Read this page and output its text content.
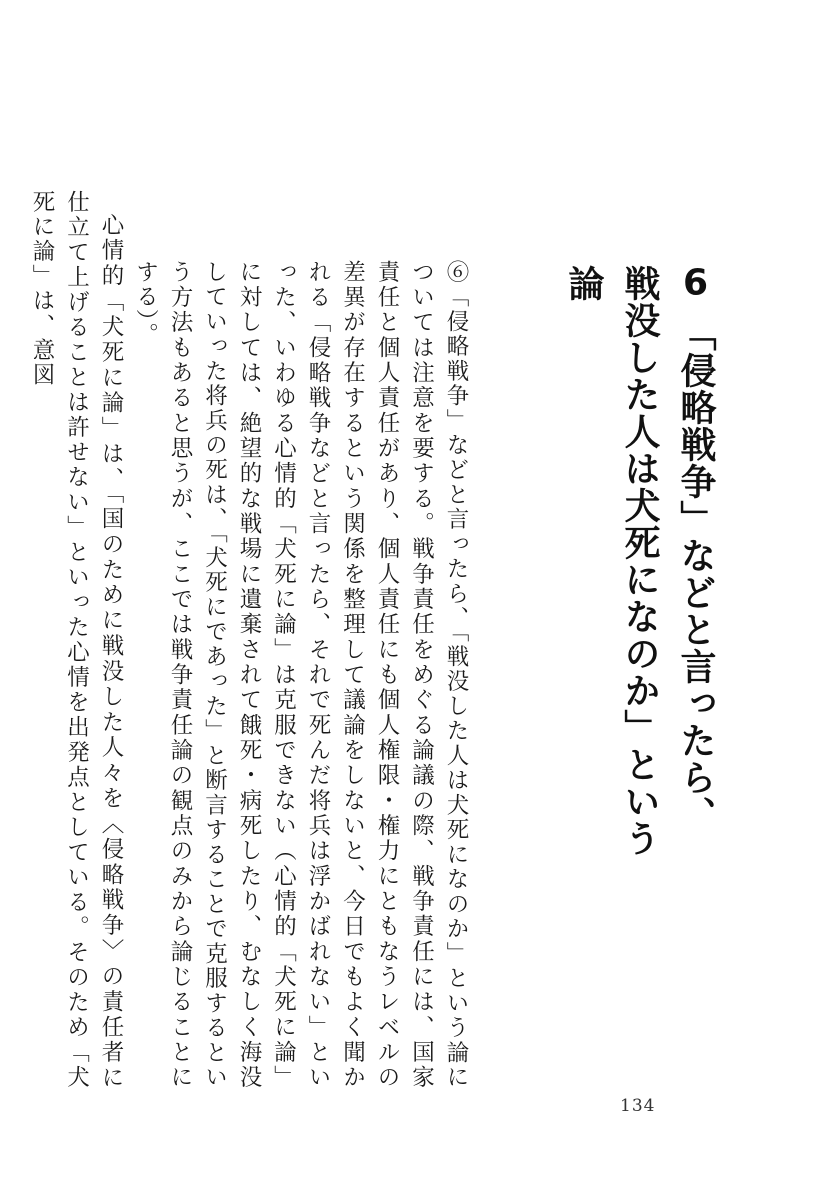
6「侵略戦争」などと言ったら、
戦没した人は犬死になのか」という論

⑥「侵略戦争」などと言ったら、「戦没した人は犬死になのか」という論については注意を要する。戦争責任をめぐる論議の際、戦争責任には、国家責任と個人責任があり、個人責任にも個人権限・権力にともなうレベルの差異が存在するという関係を整理して議論をしないと、今日でもよく聞かれる「侵略戦争などと言ったら、それで死んだ将兵は浮かばれない」といった、いわゆる心情的「犬死に論」は克服できない（心情的「犬死に論」に対しては、絶望的な戦場に遺棄されて餓死・病死したり、むなしく海没していった将兵の死は、「犬死にであった」と断言することで克服するという方法もあると思うが、ここでは戦争責任論の観点のみから論じることにする）。

心情的「犬死に論」は、「国のために戦没した人々を〈侵略戦争〉の責任者に仕立て上げることは許せない」といった心情を出発点としている。そのため「犬死に論」は、意図

134
